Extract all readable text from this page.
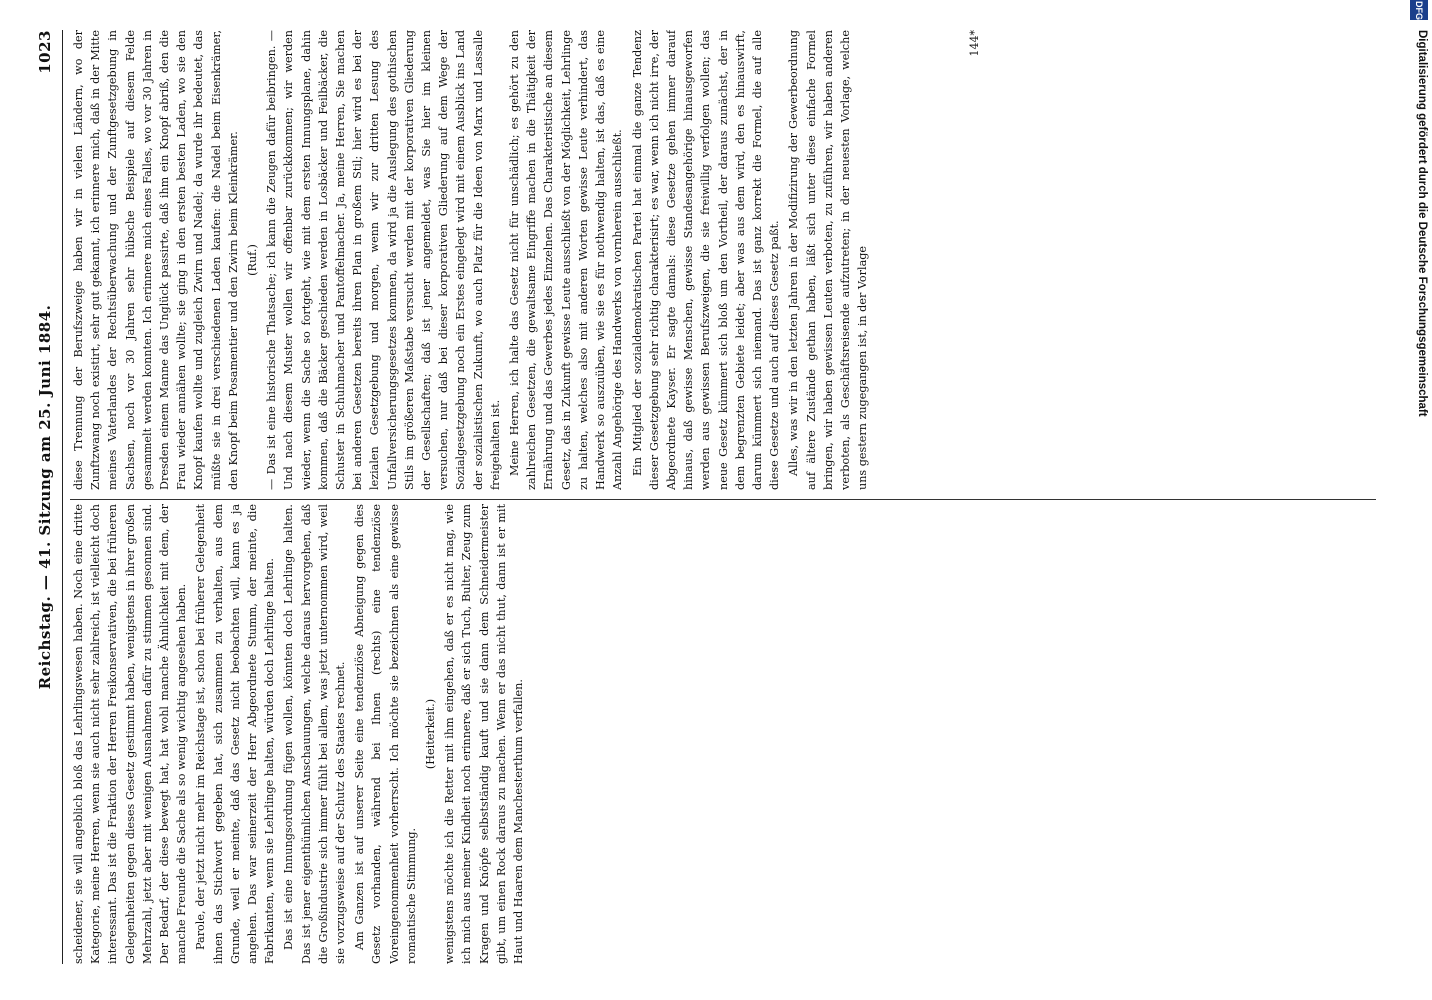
Reichstag. — 41. Sitzung am 25. Juni 1884.
1023

scheidener, sie will angeblich bloß das Lehrlingswesen haben. Noch eine dritte Kategorie, meine Herren, wenn sie auch nicht sehr zahlreich, ist vielleicht doch interessant. Das ist die Fraktion der Herren Freikonservativen, die bei früheren Gelegenheiten gegen dieses Gesetz gestimmt haben, wenigstens in ihrer großen Mehrzahl, jetzt aber mit wenigen Ausnahmen dafür zu stimmen gesonnen sind. Der Bedarf, der diese bewegt hat, hat wohl manche Ähnlichkeit mit dem, der manche Freunde die Sache als so wenig wichtig angesehen haben. Parole, der jetzt nicht mehr im Reichstage ist, schon bei früherer Gelegenheit ihnen das Stichwort gegeben hat, sich zusammen zu verhalten, aus dem Grunde, weil er meinte, daß das Gesetz nicht beobachten will, kann es ja angehen. Das war seinerzeit der Herr Abgeordnete Stumm, der meinte, die Fabrikanten, wenn sie Lehrlinge halten, würden doch Lehrlinge halten. Das ist eine Innungsordnung fügen wollen, könnten doch Lehrlinge halten. Das ist jener eigenthümlichen Anschauungen, welche daraus hervorgehen, daß die Großindustrie sich immer fühlt bei allem, was jetzt unternommen wird, weil sie vorzugsweise auf der Schutz des Staates rechnet. Am Ganzen ist auf unserer Seite eine tendenziöse Abneigung gegen dies Gesetz vorhanden, während bei Ihnen (rechts) eine tendenziöse Voreingenommenheit vorherrscht. Ich möchte sie bezeichnen als eine gewisse romantische Stimmung.

(Heiterkeit.) wenigstens möchte ich die Retter mit ihm eingehen, daß er es nicht mag, wie ich mich aus meiner Kindheit noch erinnere, daß er sich Tuch, Bulter, Zeug zum Kragen und Knöpfe selbstständig kauft und sie dann dem Schneidermeister gibt, um einen Rock daraus zu machen. Wenn er das nicht thut, dann ist er mit Haut und Haaren dem Manchesterthum verfallen.

diese Trennung der Berufszweige haben wir in vielen Ländern, wo der Zunftzwang noch existirt, sehr gut gekannt, ich erinnere mich, daß in der Mitte meines Vaterlandes der Rechtsüberwachung und der Zunftgesetzgebung in Sachsen, noch vor 30 Jahren sehr hübsche Beispiele auf diesem Felde gesammelt werden konnten. Ich erinnere mich eines Falles, wo vor 30 Jahren in Dresden einem Manne das Unglück passirte, daß ihm ein Knopf abriß, den die Frau wieder annähen wollte; sie ging in den ersten besten Laden, wo sie den Knopf kaufen wollte und zugleich Zwirn und Nadel; da wurde ihr bedeutet, das müßte sie in drei verschiedenen Laden kaufen: die Nadel beim Eisenkrämer, den Knopf beim Posamentier und den Zwirn beim Kleinkrämer. (Ruf.) — Das ist eine historische Thatsache; ich kann die Zeugen dafür beibringen. — Und nach diesem Muster wollen wir offenbar zurückkommen; wir werden wieder, wenn die Sache so fortgeht, wie mit dem ersten Innungsplane, dahin kommen, daß die Bäcker geschieden werden in Losbäcker und Feilbäcker, die Schuster in Schuhmacher und Pantoffelmacher. Ja, meine Herren, Sie machen bei anderen Gesetzen bereits ihren Plan in großem Stil; hier wird es bei der lezialen Gesetzgebung und morgen, wenn wir zur dritten Lesung des Unfallversicherungsgesetzes kommen, da wird ja die Auslegung des gothischen Stils im größeren Maßstabe versucht werden mit der korporativen Gliederung der Gesellschaften; daß ist jener angemeldet, was Sie hier im kleinen versuchen, nur daß bei dieser korporativen Gliederung auf dem Wege der Sozialgesetzgebung noch ein Erstes eingelegt wird mit einem Ausblick ins Land der sozialistischen Zukunft, wo auch Platz für die Ideen von Marx und Lassalle freigehalten ist. Meine Herren, ich halte das Gesetz nicht für unschädlich; es gehört zu den zahlreichen Gesetzen, die gewaltsame Eingriffe machen in die Thätigkeit der Ernährung und das Gewerbes jedes Einzelnen. Das Charakteristische an diesem Gesetz, das in Zukunft gewisse Leute ausschließt von der Möglichkeit, Lehrlinge zu halten, welches also mit anderen Worten gewisse Leute verhindert, das Handwerk so auszuüben, wie sie es für nothwendig halten, ist das, daß es eine Anzahl Angehörige des Handwerks von vornherein ausschließt. Ein Mitglied der sozialdemokratischen Partei hat einmal die ganze Tendenz dieser Gesetzgebung sehr richtig charakterisirt; es war, wenn ich nicht irre, der Abgeordnete Kayser. Er sagte damals: diese Gesetze gehen immer darauf hinaus, daß gewisse Menschen, gewisse Standesangehörige hinausgeworfen werden aus gewissen Berufszweigen, die sie freiwillig verfolgen wollen; das neue Gesetz kümmert sich bloß um den Vortheil, der daraus zunächst, der in dem begrenzten Gebiete leidet; aber was aus dem wird, den es hinauswirft, darum kümmert sich niemand. Das ist ganz korrekt die Formel, die auf alle diese Gesetze und auch auf dieses Gesetz paßt. Alles, was wir in den letzten Jahren in der Modifizirung der Gewerbeordnung auf ältere Zustände gethan haben, läßt sich unter diese einfache Formel bringen, wir haben gewissen Leuten verboten, zu zuführen, wir haben anderen verboten, als Geschäftsreisende aufzutreten; in der neuesten Vorlage, welche uns gestern zugegangen ist, in der Vorlage

144*
DFG
Digitalisierung gefördert durch die Deutsche Forschungsgemeinschaft
